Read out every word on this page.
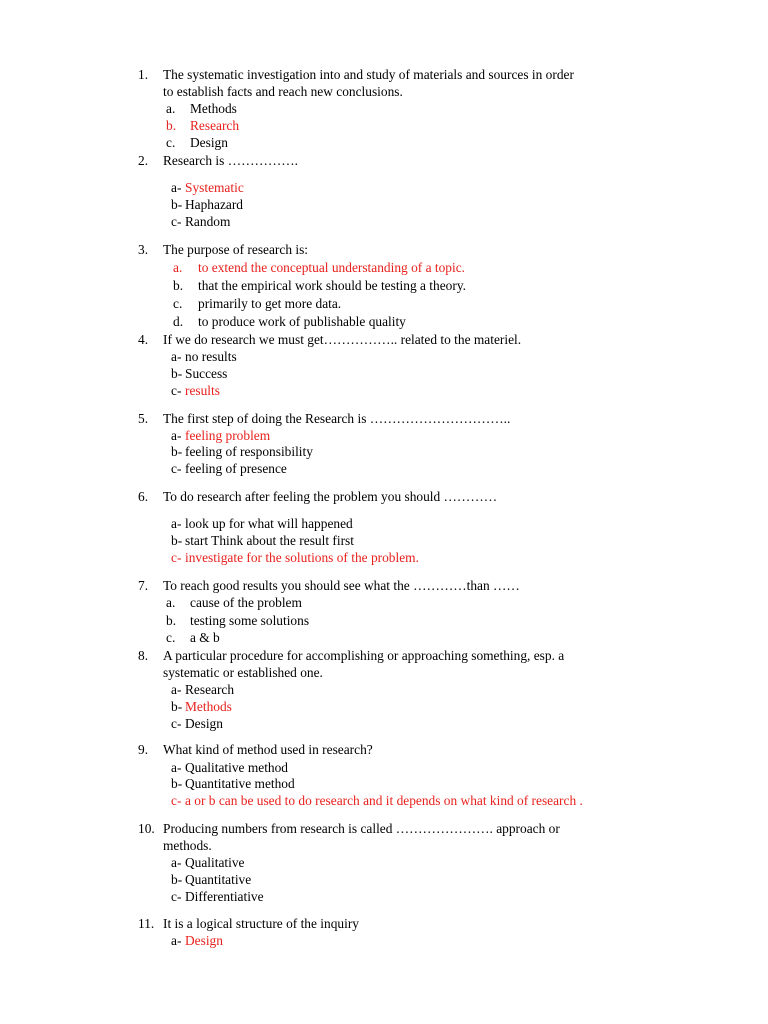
1. The systematic investigation into and study of materials and sources in order
to establish facts and reach new conclusions.
a. Methods
b. Research
c. Design
2. Research is …………….
a- Systematic
b- Haphazard
c- Random
3. The purpose of research is:
a. to extend the conceptual understanding of a topic.
b. that the empirical work should be testing a theory.
c. primarily to get more data.
d. to produce work of publishable quality
4. If we do research we must get…………….. related to the materiel.
a- no results
b- Success
c- results
5. The first step of doing the Research is …………………………..
a- feeling problem
b- feeling of responsibility
c- feeling of presence
6. To do research after feeling the problem you should …………
a- look up for what will happened
b- start Think about the result first
c- investigate for the solutions of the problem.
7. To reach good results you should see what the …………than ……
a. cause of the problem
b. testing some solutions
c. a & b
8. A particular procedure for accomplishing or approaching something, esp. a
systematic or established one.
a- Research
b- Methods
c- Design
9. What kind of method used in research?
a- Qualitative method
b- Quantitative method
c- a or b can be used to do research and it depends on what kind of research .
10. Producing numbers from research is called …………………. approach or
methods.
a- Qualitative
b- Quantitative
c- Differentiative
11. It is a logical structure of the inquiry
a- Design
